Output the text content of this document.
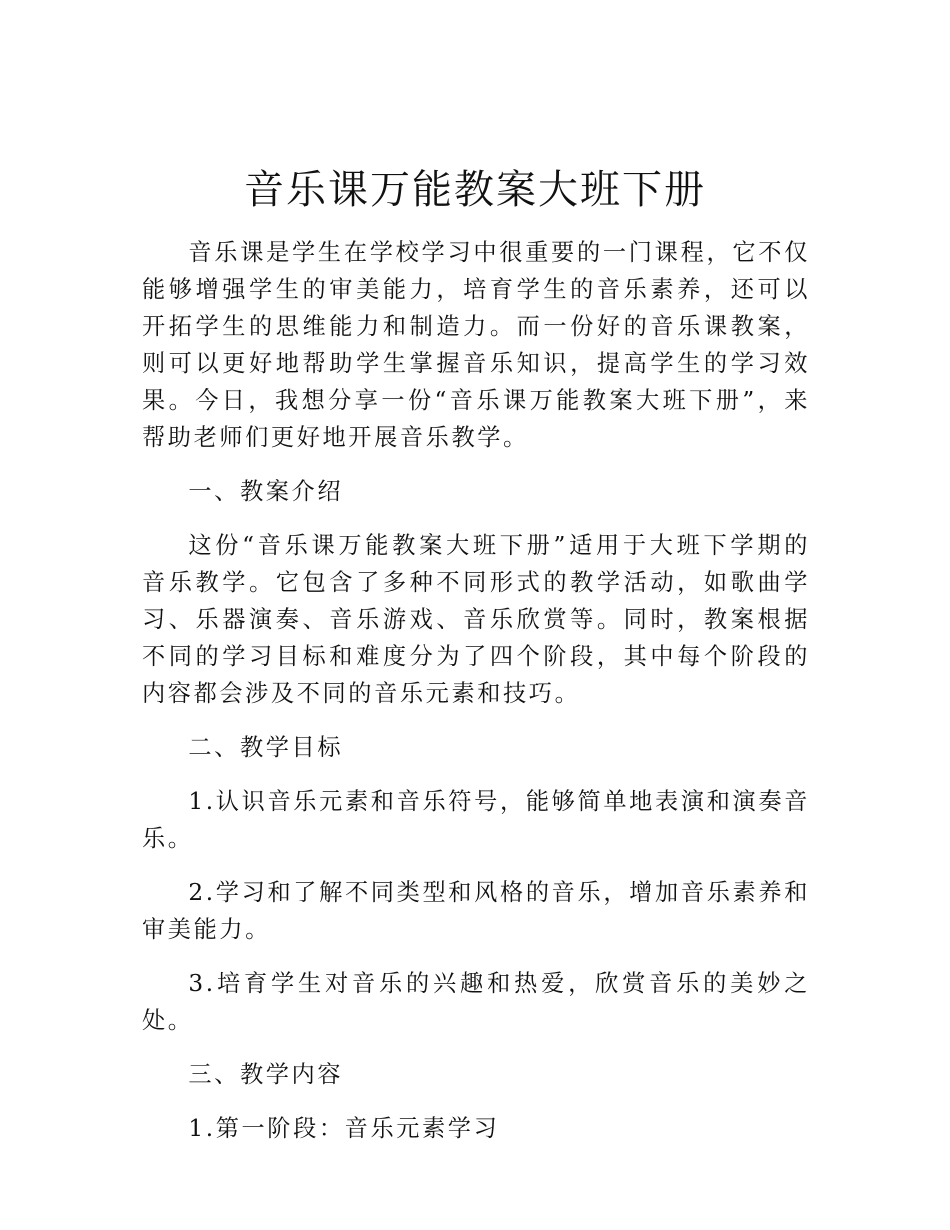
音乐课万能教案大班下册

音乐课是学生在学校学习中很重要的一门课程，它不仅能够增强学生的审美能力，培育学生的音乐素养，还可以开拓学生的思维能力和制造力。而一份好的音乐课教案，则可以更好地帮助学生掌握音乐知识，提高学生的学习效果。今日，我想分享一份“音乐课万能教案大班下册”，来帮助老师们更好地开展音乐教学。

一、教案介绍

这份“音乐课万能教案大班下册”适用于大班下学期的音乐教学。它包含了多种不同形式的教学活动，如歌曲学习、乐器演奏、音乐游戏、音乐欣赏等。同时，教案根据不同的学习目标和难度分为了四个阶段，其中每个阶段的内容都会涉及不同的音乐元素和技巧。

二、教学目标

1.认识音乐元素和音乐符号，能够简单地表演和演奏音乐。

2.学习和了解不同类型和风格的音乐，增加音乐素养和审美能力。

3.培育学生对音乐的兴趣和热爱，欣赏音乐的美妙之处。

三、教学内容

1.第一阶段：音乐元素学习
